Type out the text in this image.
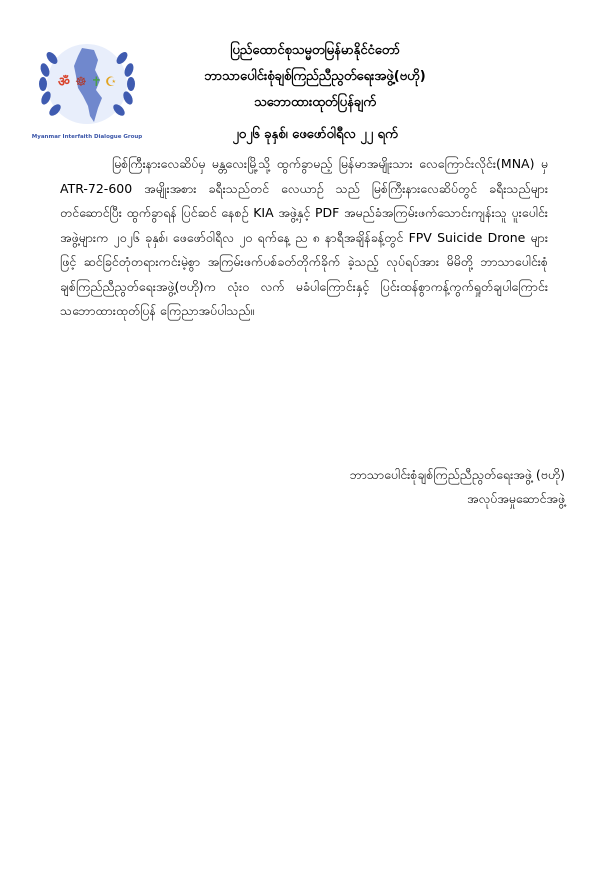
ॐ ☸ ✝ ☪
Myanmar Interfaith Dialogue Group
ပြည်ထောင်စုသမ္မတမြန်မာနိုင်ငံတော်
ဘာသာပေါင်းစုံချစ်ကြည်ညီညွတ်ရေးအဖွဲ့(ဗဟို)
သဘောထားထုတ်ပြန်ချက်
၂၀၂၆ ခုနှစ်၊ ဖေဖော်ဝါရီလ ၂၂ ရက်
မြစ်ကြီးနားလေဆိပ်မှ မန္တလေးမြို့သို့ ထွက်ခွာမည့် မြန်မာအမျိုးသား လေကြောင်းလိုင်း(MNA) မှ ATR-72-600 အမျိုးအစား ခရီးသည်တင် လေယာဉ် သည် မြစ်ကြီးနားလေဆိပ်တွင် ခရီးသည်များတင်ဆောင်ပြီး ထွက်ခွာရန် ပြင်ဆင် နေစဉ် KIA အဖွဲ့နှင့် PDF အမည်ခံအကြမ်းဖက်သောင်းကျန်းသူ ပူးပေါင်း အဖွဲ့များက ၂၀၂၆ ခုနှစ်၊ ဖေဖော်ဝါရီလ ၂၀ ရက်နေ့ ည ၈ နာရီအချိန်ခန့်တွင် FPV Suicide Drone များဖြင့် ဆင်ခြင်တုံတရားကင်းမဲ့စွာ အကြမ်းဖက်ပစ်ခတ်တိုက်ခိုက် ခဲ့သည့် လုပ်ရပ်အား မိမိတို့ ဘာသာပေါင်းစုံချစ်ကြည်ညီညွတ်ရေးအဖွဲ့(ဗဟို)က လုံးဝ လက် မခံပါကြောင်းနှင့် ပြင်းထန်စွာကန့်ကွက်ရှုတ်ချပါကြောင်း သဘောထားထုတ်ပြန် ကြေညာအပ်ပါသည်။
ဘာသာပေါင်းစုံချစ်ကြည်ညီညွတ်ရေးအဖွဲ့ (ဗဟို)
အလုပ်အမှုဆောင်အဖွဲ့
